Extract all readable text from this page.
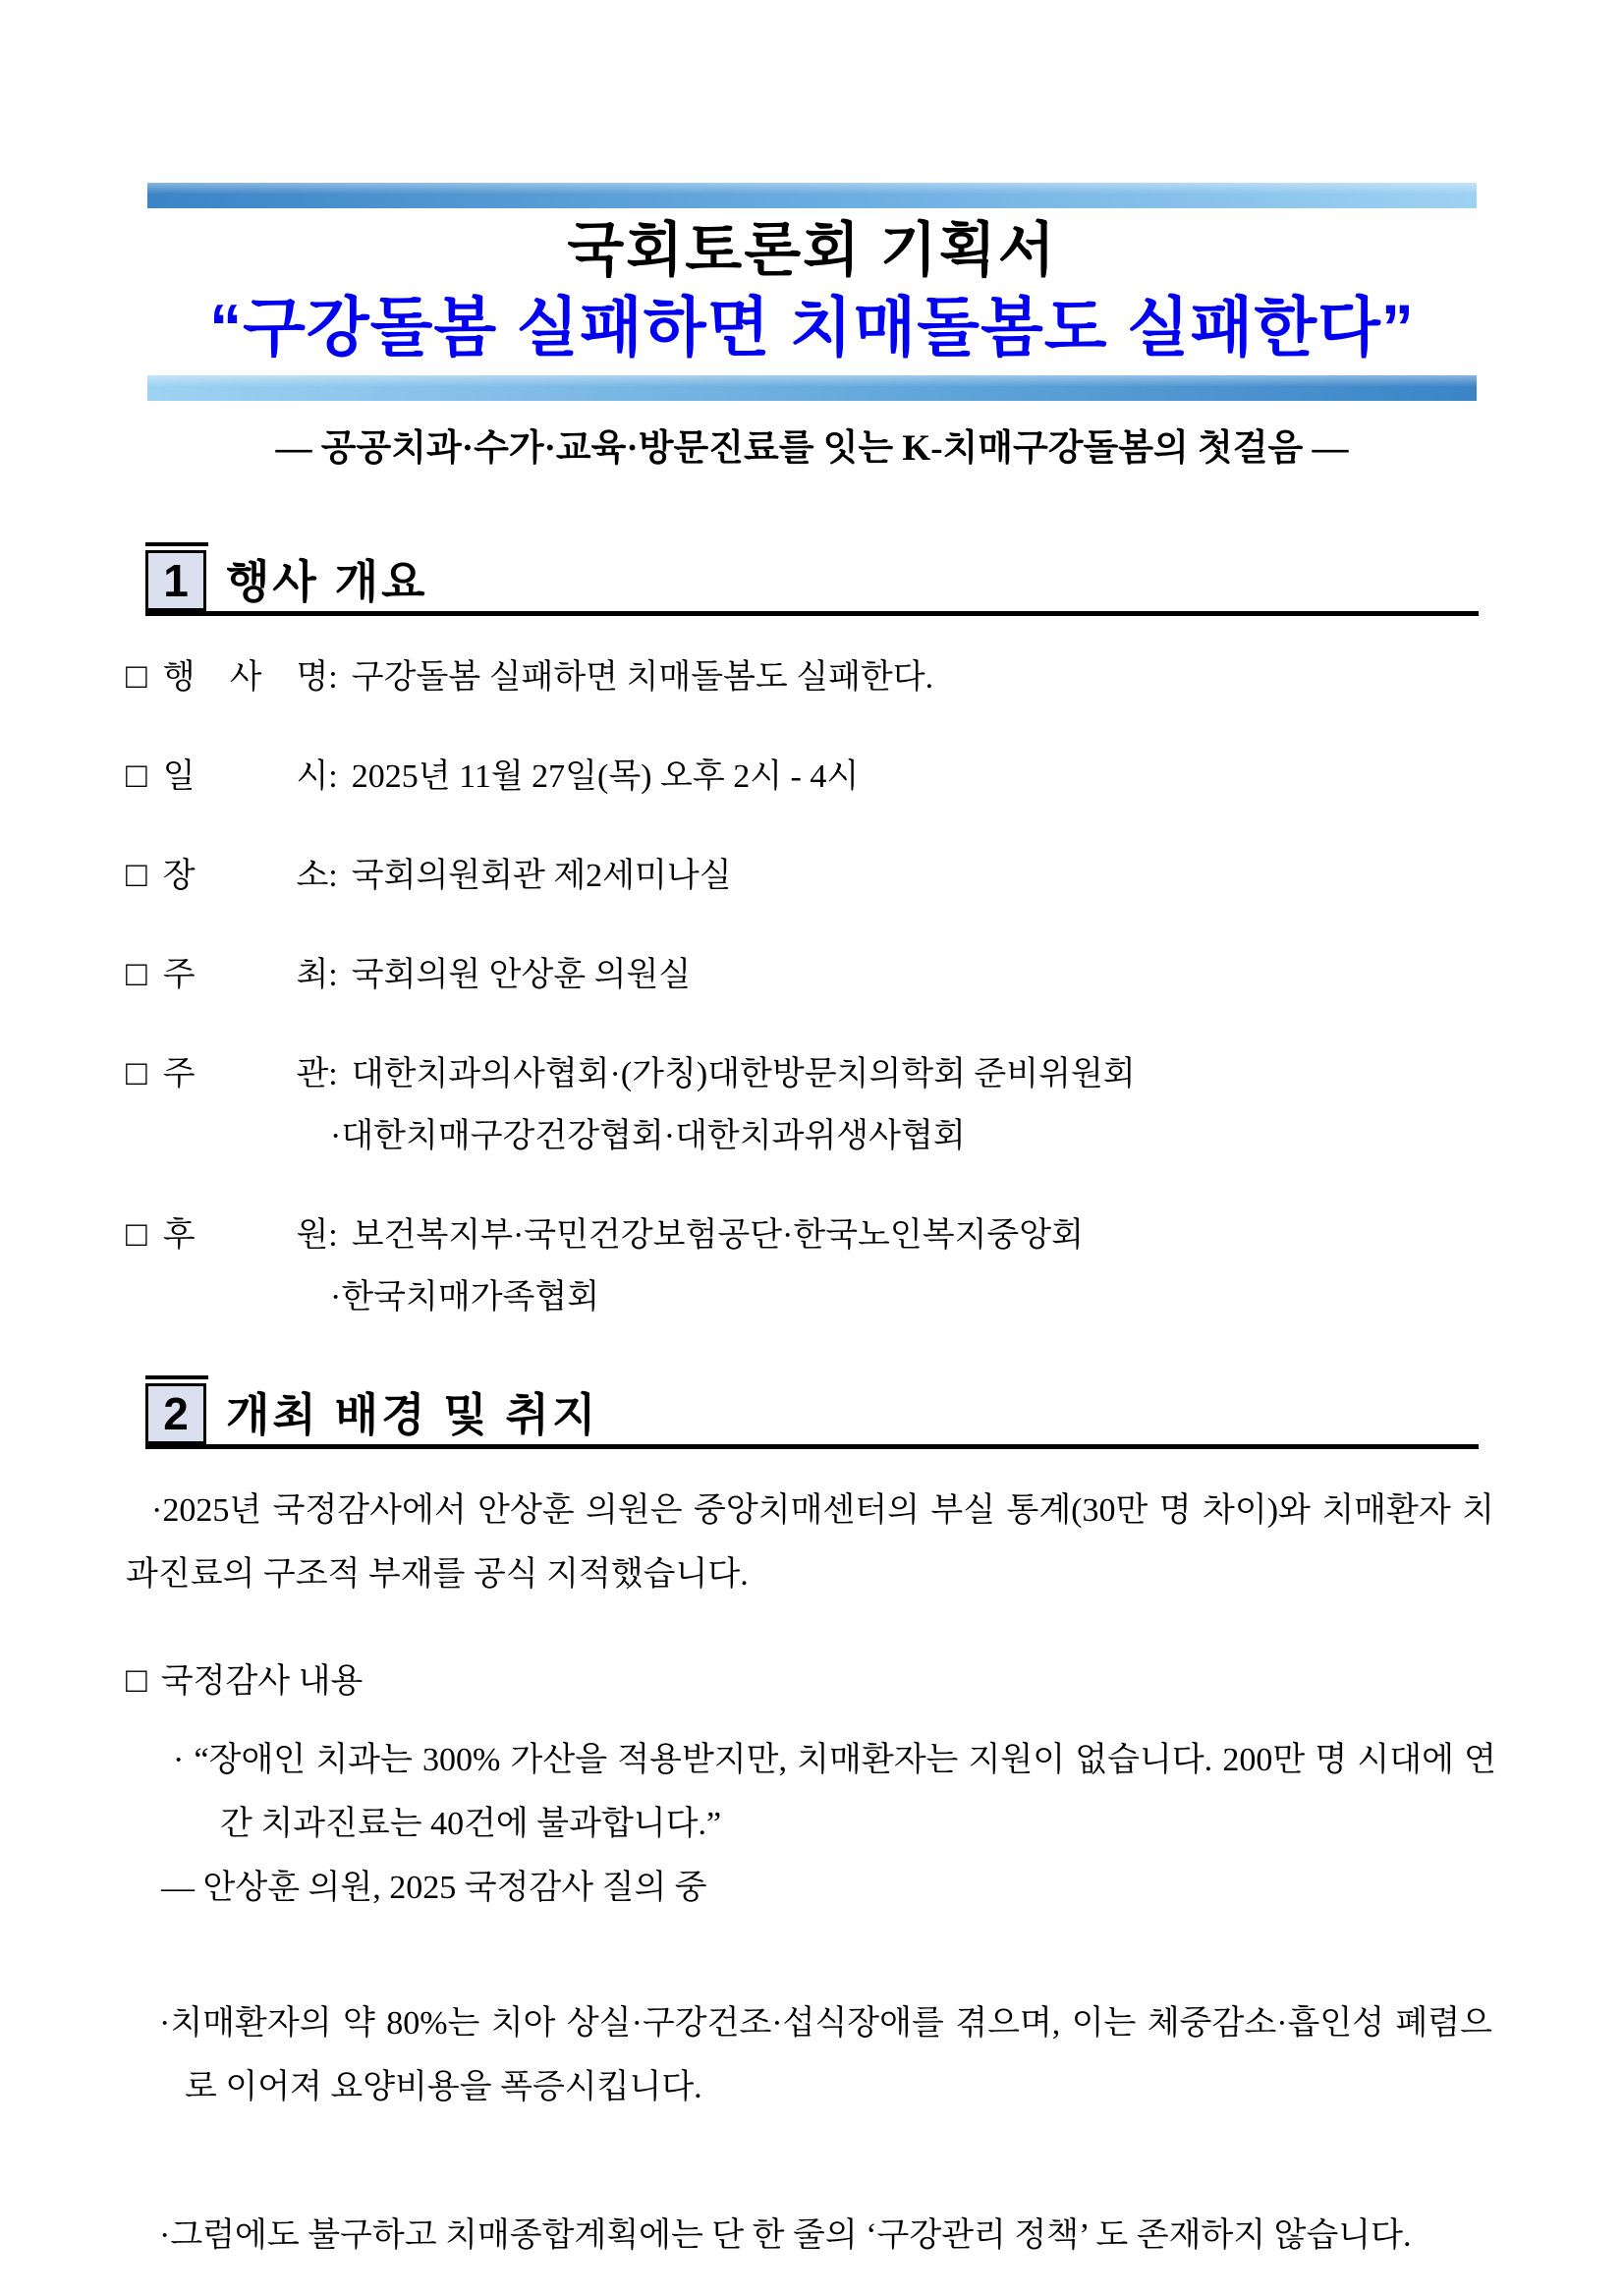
국회토론회 기획서
“구강돌봄 실패하면 치매돌봄도 실패한다”

— 공공치과·수가·교육·방문진료를 잇는 K-치매구강돌봄의 첫걸음 —

1 행사 개요
□ 행 사 명: 구강돌봄 실패하면 치매돌봄도 실패한다.
□ 일 시: 2025년 11월 27일(목) 오후 2시 - 4시
□ 장 소: 국회의원회관 제2세미나실
□ 주 최: 국회의원 안상훈 의원실
□ 주 관: 대한치과의사협회·(가칭)대한방문치의학회 준비위원회
·대한치매구강건강협회·대한치과위생사협회
□ 후 원: 보건복지부·국민건강보험공단·한국노인복지중앙회
·한국치매가족협회
2 개최 배경 및 취지

·2025년 국정감사에서 안상훈 의원은 중앙치매센터의 부실 통계(30만 명 차이)와 치매환자 치과진료의 구조적 부재를 공식 지적했습니다.

□ 국정감사 내용

· “장애인 치과는 300% 가산을 적용받지만, 치매환자는 지원이 없습니다. 200만 명 시대에 연간 치과진료는 40건에 불과합니다.”

— 안상훈 의원, 2025 국정감사 질의 중

·치매환자의 약 80%는 치아 상실·구강건조·섭식장애를 겪으며, 이는 체중감소·흡인성 폐렴으로 이어져 요양비용을 폭증시킵니다.

·그럼에도 불구하고 치매종합계획에는 단 한 줄의 ‘구강관리 정책’ 도 존재하지 않습니다.
